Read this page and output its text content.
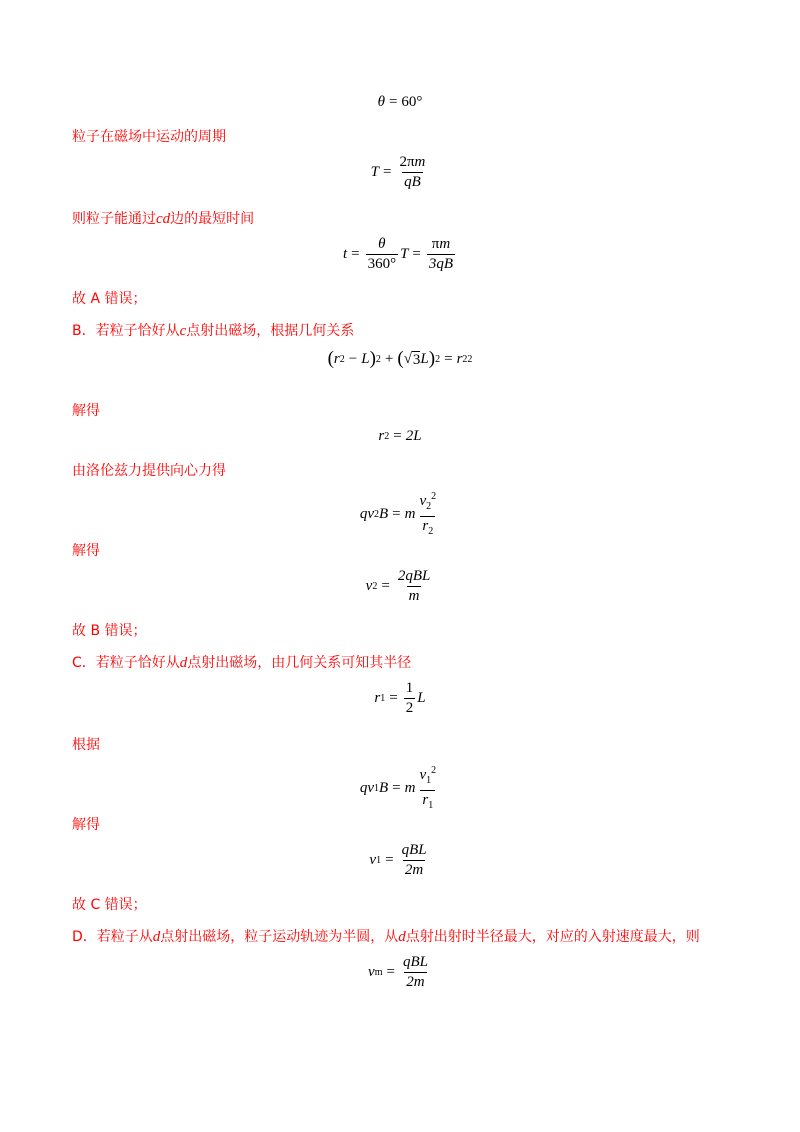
θ = 60°
粒子在磁场中运动的周期
$T = \frac{2\pi m}{qB}$
则粒子能通过cd边的最短时间
$t = \frac{\theta}{360^\circ}$ $T = \frac{\pi m}{3qB}$
故 A 错误；
B．若粒子恰好从c点射出磁场，根据几何关系
( r 2 − L ) 2 + ( √ 3 L ) 2 = r 2 2
解得
r 2 = 2L
由洛伦兹力提供向心力得
q v 2 B = m $\frac{v_2^2}{r_2}$
解得
v $2 = \frac{\text{2qBL}}{m}$
故 B 错误；
C．若粒子恰好从d点射出磁场，由几何关系可知其半径
r $1 = \frac{1}{2}$ L
根据
q v 1 B = m $\frac{v_1^2}{r_1}$
解得
v $1 = \frac{\text{qBL}}{2m}$
故 C 错误；
D．若粒子从d点射出磁场，粒子运动轨迹为半圆，从d点射出射时半径最大，对应的入射速度最大，则
v $m = \frac{\text{qBL}}{2m}$
